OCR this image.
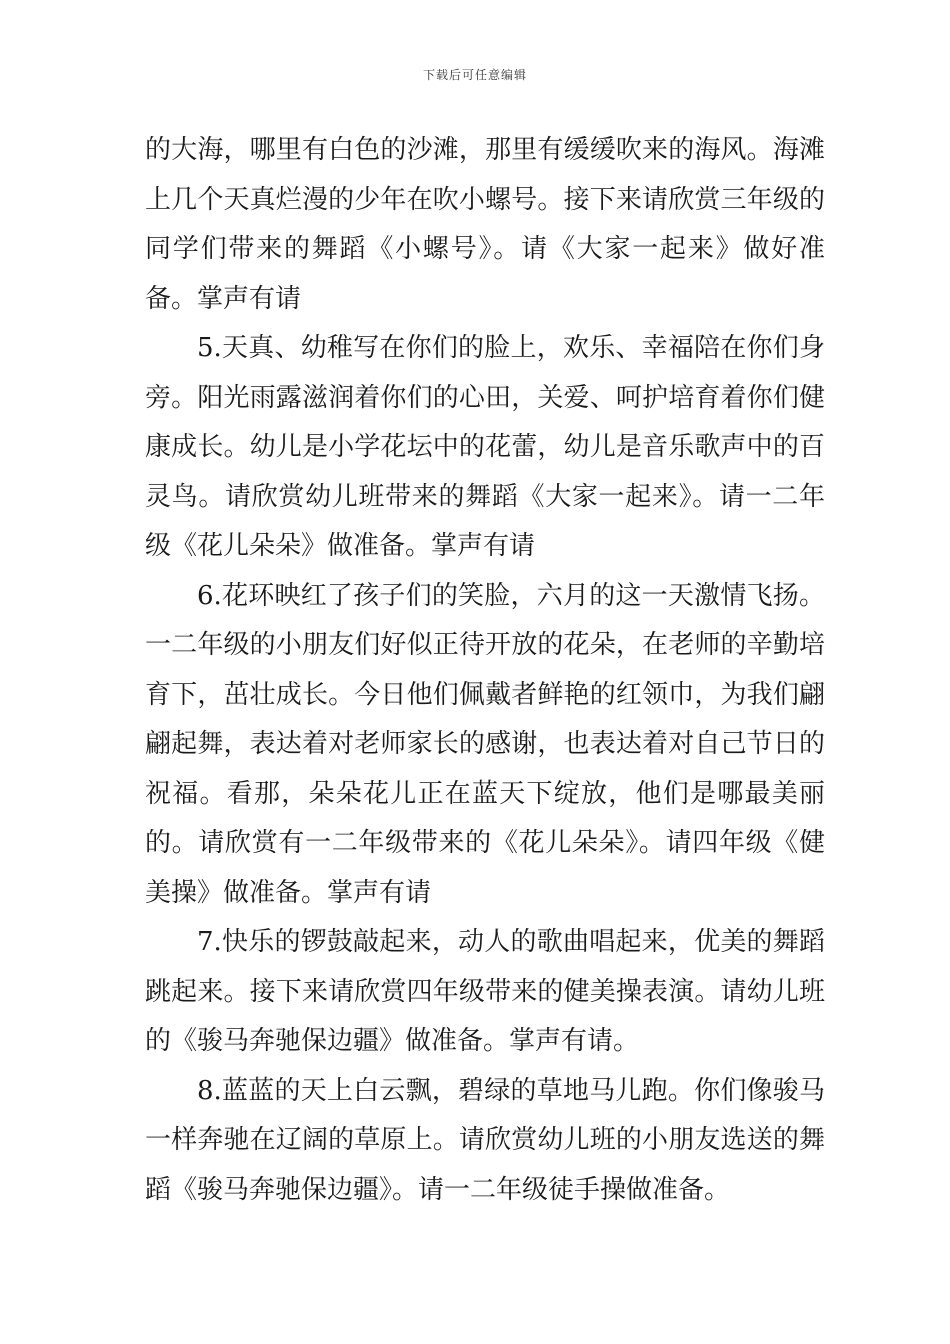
下载后可任意编辑

的大海，哪里有白色的沙滩，那里有缓缓吹来的海风。海滩上几个天真烂漫的少年在吹小螺号。接下来请欣赏三年级的同学们带来的舞蹈《小螺号》。请《大家一起来》做好准备。掌声有请

5.天真、幼稚写在你们的脸上，欢乐、幸福陪在你们身旁。阳光雨露滋润着你们的心田，关爱、呵护培育着你们健康成长。幼儿是小学花坛中的花蕾，幼儿是音乐歌声中的百灵鸟。请欣赏幼儿班带来的舞蹈《大家一起来》。请一二年级《花儿朵朵》做准备。掌声有请

6.花环映红了孩子们的笑脸，六月的这一天激情飞扬。一二年级的小朋友们好似正待开放的花朵，在老师的辛勤培育下，茁壮成长。今日他们佩戴者鲜艳的红领巾，为我们翩翩起舞，表达着对老师家长的感谢，也表达着对自己节日的祝福。看那，朵朵花儿正在蓝天下绽放，他们是哪最美丽的。请欣赏有一二年级带来的《花儿朵朵》。请四年级《健美操》做准备。掌声有请

7.快乐的锣鼓敲起来，动人的歌曲唱起来，优美的舞蹈跳起来。接下来请欣赏四年级带来的健美操表演。请幼儿班的《骏马奔驰保边疆》做准备。掌声有请。

8.蓝蓝的天上白云飘，碧绿的草地马儿跑。你们像骏马一样奔驰在辽阔的草原上。请欣赏幼儿班的小朋友选送的舞蹈《骏马奔驰保边疆》。请一二年级徒手操做准备。
